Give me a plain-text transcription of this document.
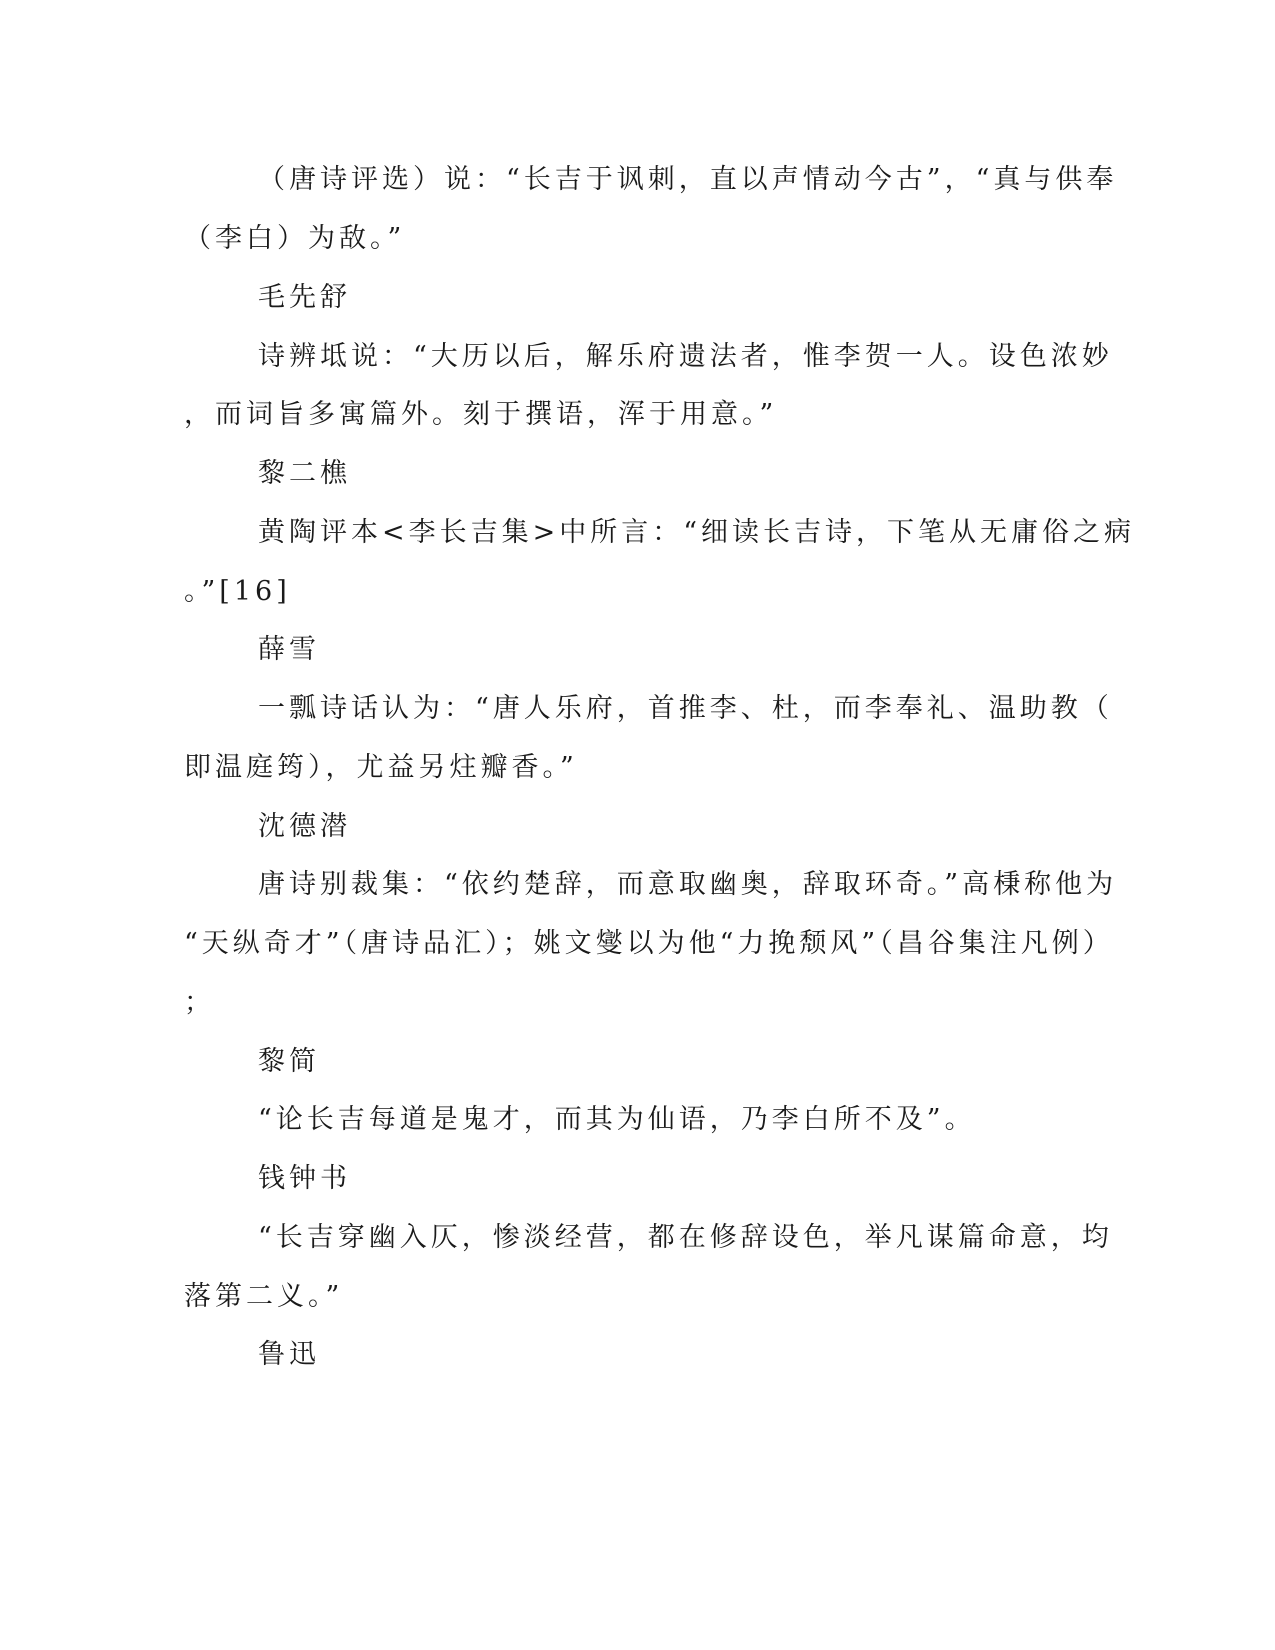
（唐诗评选）说：“长吉于讽刺，直以声情动今古”，“真与供奉
（李白）为敌。”
毛先舒
诗辨坻说：“大历以后，解乐府遗法者，惟李贺一人。设色浓妙
，而词旨多寓篇外。刻于撰语，浑于用意。”
黎二樵
黄陶评本<李长吉集>中所言：“细读长吉诗，下笔从无庸俗之病
。”[16]
薛雪
一瓢诗话认为：“唐人乐府，首推李、杜，而李奉礼、温助教（
即温庭筠），尤益另炷瓣香。”
沈德潜
唐诗别裁集：“依约楚辞，而意取幽奥，辞取环奇。”高棅称他为
“天纵奇才”（唐诗品汇）；姚文燮以为他“力挽颓风”（昌谷集注凡例）
；
黎简
“论长吉每道是鬼才，而其为仙语，乃李白所不及”。
钱钟书
“长吉穿幽入仄，惨淡经营，都在修辞设色，举凡谋篇命意，均
落第二义。”
鲁迅
